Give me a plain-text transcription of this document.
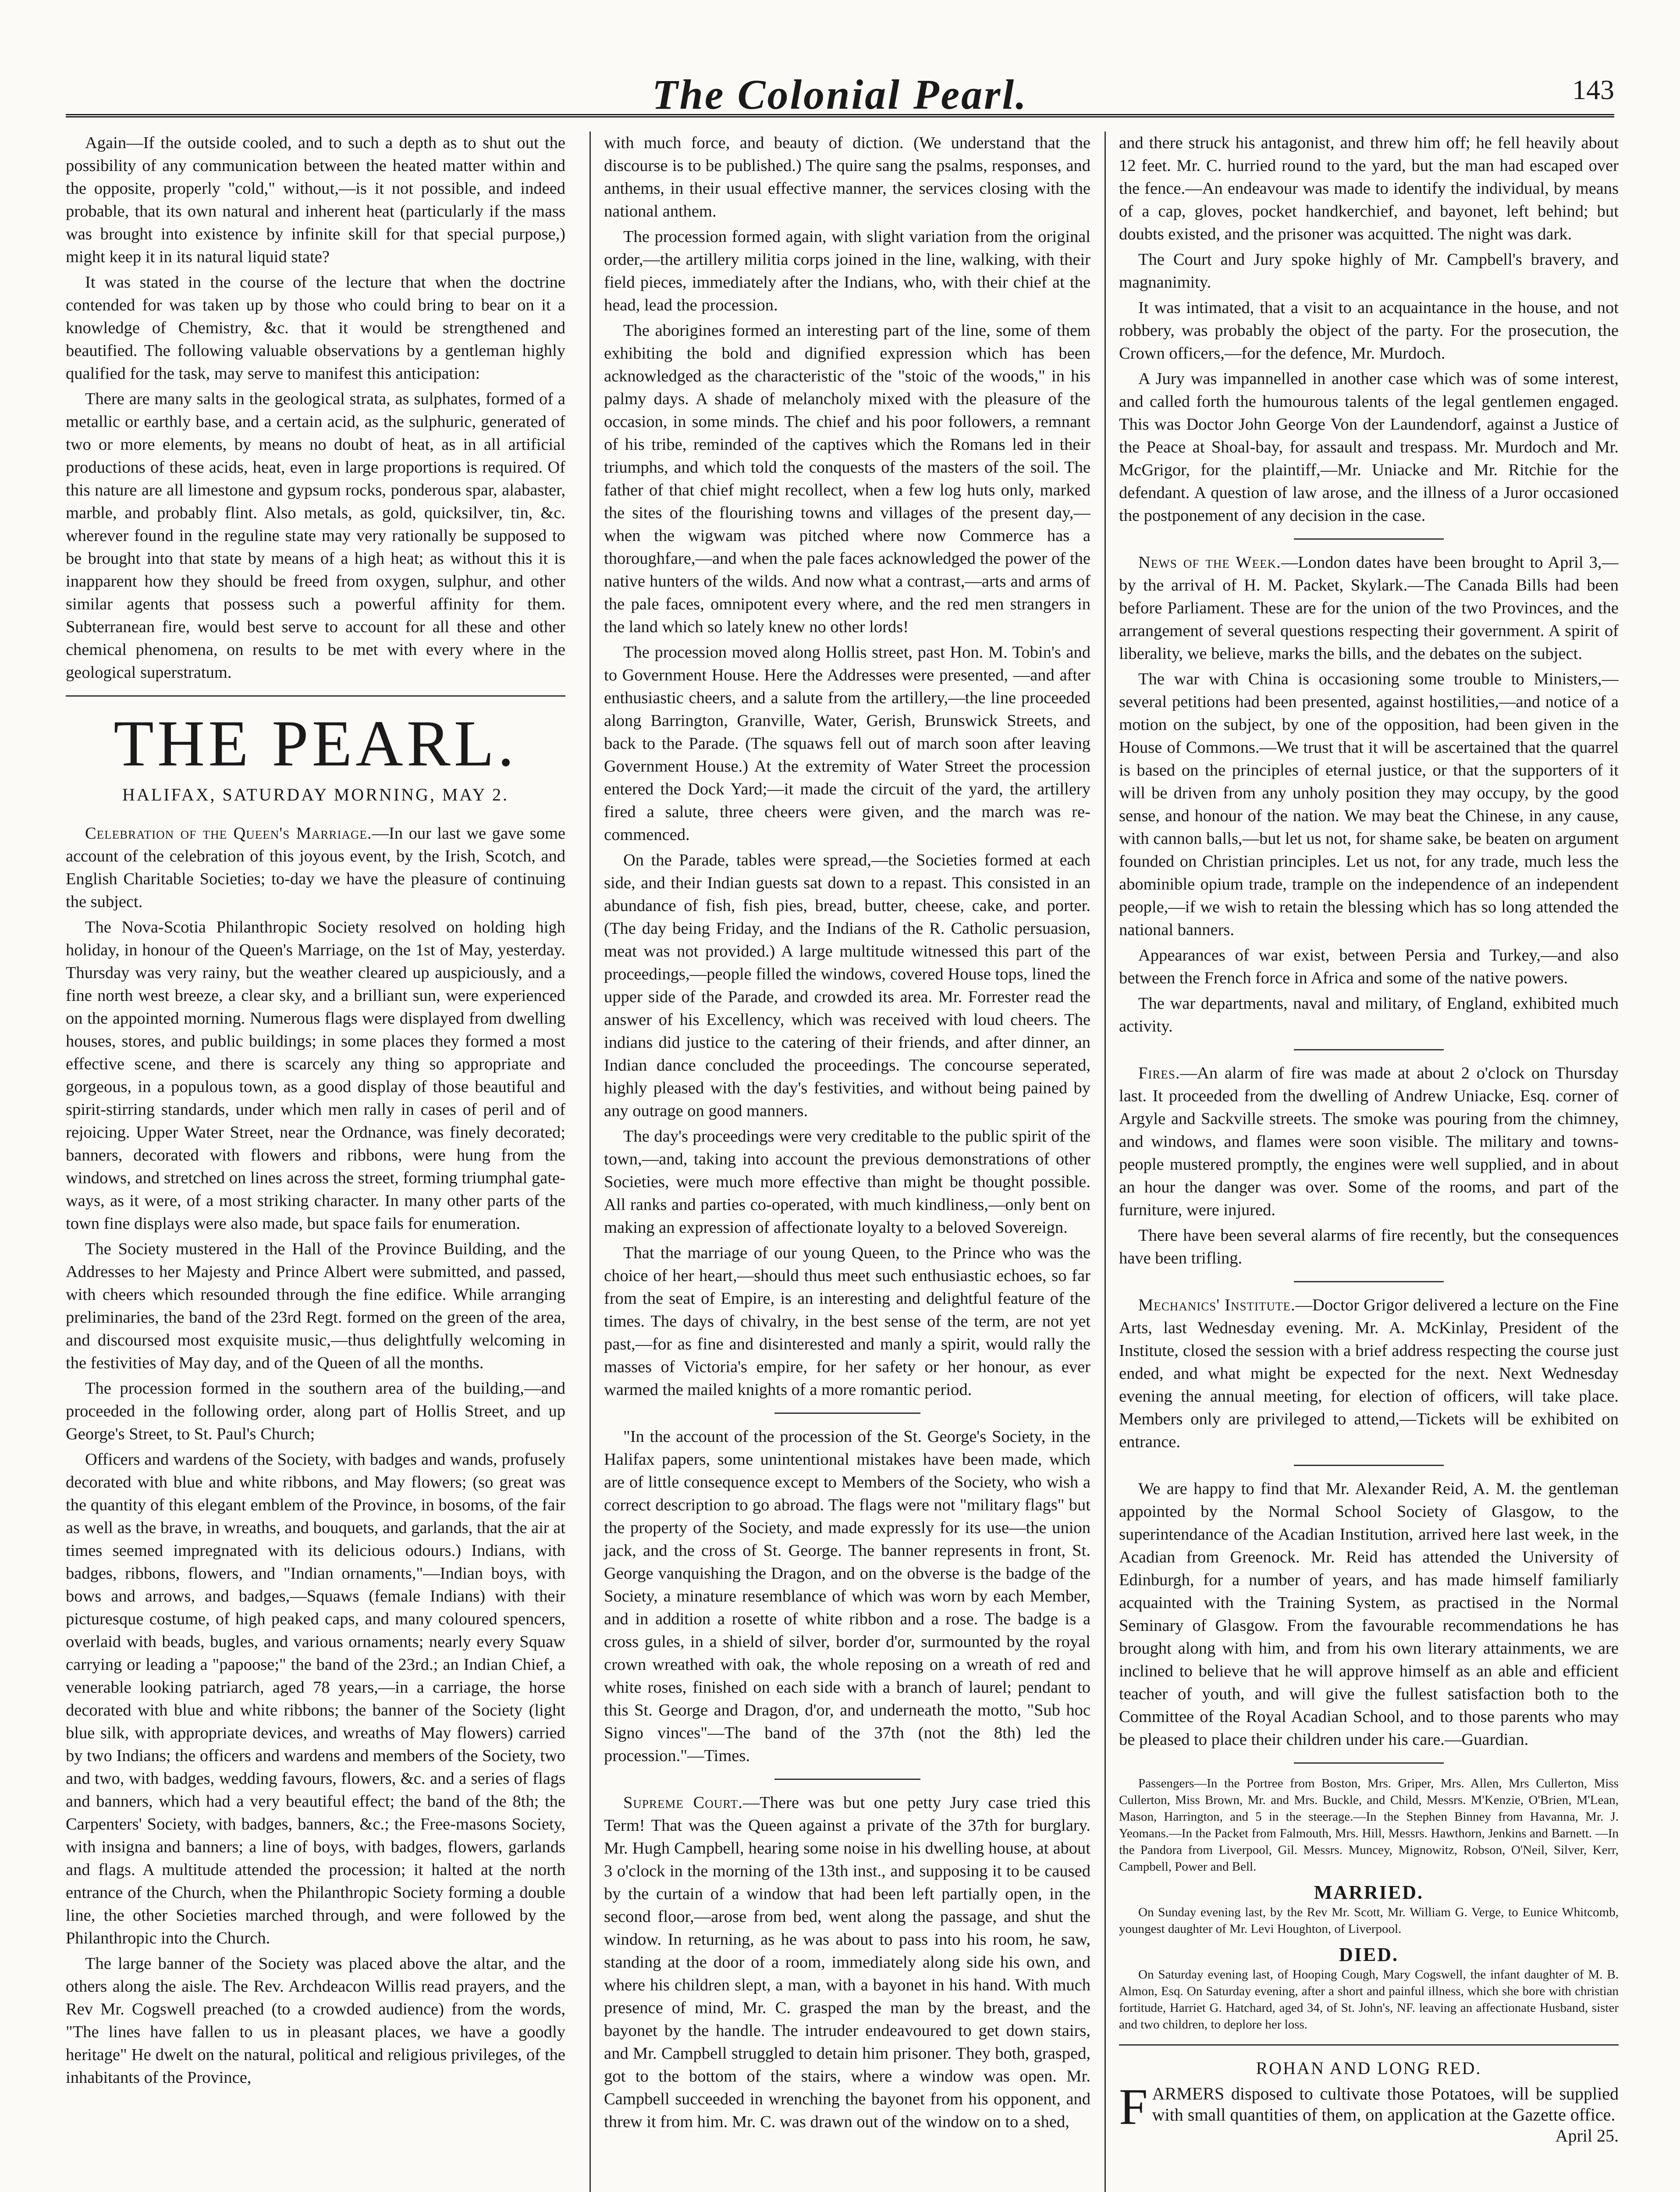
The Colonial Pearl.	143

Again—If the outside cooled, and to such a depth as to shut out the possibility of any communication between the heated matter within and the opposite, properly "cold," without,—is it not possible, and indeed probable, that its own natural and inherent heat (particularly if the mass was brought into existence by infinite skill for that special purpose,) might keep it in its natural liquid state?

It was stated in the course of the lecture that when the doctrine contended for was taken up by those who could bring to bear on it a knowledge of Chemistry, &c. that it would be strengthened and beautified. The following valuable observations by a gentleman highly qualified for the task, may serve to manifest this anticipation:

There are many salts in the geological strata, as sulphates, formed of a metallic or earthly base, and a certain acid, as the sulphuric, generated of two or more elements, by means no doubt of heat, as in all artificial productions of these acids, heat, even in large proportions is required. Of this nature are all limestone and gypsum rocks, ponderous spar, alabaster, marble, and probably flint. Also metals, as gold, quicksilver, tin, &c. wherever found in the reguline state may very rationally be supposed to be brought into that state by means of a high heat; as without this it is inapparent how they should be freed from oxygen, sulphur, and other similar agents that possess such a powerful affinity for them. Subterranean fire, would best serve to account for all these and other chemical phenomena, on results to be met with every where in the geological superstratum.

THE PEARL.
HALIFAX, SATURDAY MORNING, MAY 2.

Celebration of the Queen's Marriage.—In our last we gave some account of the celebration of this joyous event, by the Irish, Scotch, and English Charitable Societies; to-day we have the pleasure of continuing the subject.

The Nova-Scotia Philanthropic Society resolved on holding high holiday, in honour of the Queen's Marriage, on the 1st of May, yesterday. Thursday was very rainy, but the weather cleared up auspiciously, and a fine north west breeze, a clear sky, and a brilliant sun, were experienced on the appointed morning. Numerous flags were displayed from dwelling houses, stores, and public buildings; in some places they formed a most effective scene, and there is scarcely any thing so appropriate and gorgeous, in a populous town, as a good display of those beautiful and spirit-stirring standards, under which men rally in cases of peril and of rejoicing. Upper Water Street, near the Ordnance, was finely decorated; banners, decorated with flowers and ribbons, were hung from the windows, and stretched on lines across the street, forming triumphal gate-ways, as it were, of a most striking character. In many other parts of the town fine displays were also made, but space fails for enumeration.

The Society mustered in the Hall of the Province Building, and the Addresses to her Majesty and Prince Albert were submitted, and passed, with cheers which resounded through the fine edifice. While arranging preliminaries, the band of the 23rd Regt. formed on the green of the area, and discoursed most exquisite music,—thus delightfully welcoming in the festivities of May day, and of the Queen of all the months.

The procession formed in the southern area of the building,—and proceeded in the following order, along part of Hollis Street, and up George's Street, to St. Paul's Church;

Officers and wardens of the Society, with badges and wands, profusely decorated with blue and white ribbons, and May flowers; (so great was the quantity of this elegant emblem of the Province, in bosoms, of the fair as well as the brave, in wreaths, and bouquets, and garlands, that the air at times seemed impregnated with its delicious odours.) Indians, with badges, ribbons, flowers, and "Indian ornaments,"—Indian boys, with bows and arrows, and badges,—Squaws (female Indians) with their picturesque costume, of high peaked caps, and many coloured spencers, overlaid with beads, bugles, and various ornaments; nearly every Squaw carrying or leading a "papoose;" the band of the 23rd.; an Indian Chief, a venerable looking patriarch, aged 78 years,—in a carriage, the horse decorated with blue and white ribbons; the banner of the Society (light blue silk, with appropriate devices, and wreaths of May flowers) carried by two Indians; the officers and wardens and members of the Society, two and two, with badges, wedding favours, flowers, &c. and a series of flags and banners, which had a very beautiful effect; the band of the 8th; the Carpenters' Society, with badges, banners, &c.; the Free-masons Society, with insigna and banners; a line of boys, with badges, flowers, garlands and flags. A multitude attended the procession; it halted at the north entrance of the Church, when the Philanthropic Society forming a double line, the other Societies marched through, and were followed by the Philanthropic into the Church.

The large banner of the Society was placed above the altar, and the others along the aisle. The Rev. Archdeacon Willis read prayers, and the Rev Mr. Cogswell preached (to a crowded audience) from the words, "The lines have fallen to us in pleasant places, we have a goodly heritage" He dwelt on the natural, political and religious privileges, of the inhabitants of the Province,

with much force, and beauty of diction. (We understand that the discourse is to be published.) The quire sang the psalms, responses, and anthems, in their usual effective manner, the services closing with the national anthem.

The procession formed again, with slight variation from the original order,—the artillery militia corps joined in the line, walking, with their field pieces, immediately after the Indians, who, with their chief at the head, lead the procession.

The aborigines formed an interesting part of the line, some of them exhibiting the bold and dignified expression which has been acknowledged as the characteristic of the "stoic of the woods," in his palmy days. A shade of melancholy mixed with the pleasure of the occasion, in some minds. The chief and his poor followers, a remnant of his tribe, reminded of the captives which the Romans led in their triumphs, and which told the conquests of the masters of the soil. The father of that chief might recollect, when a few log huts only, marked the sites of the flourishing towns and villages of the present day,—when the wigwam was pitched where now Commerce has a thoroughfare,—and when the pale faces acknowledged the power of the native hunters of the wilds. And now what a contrast,—arts and arms of the pale faces, omnipotent every where, and the red men strangers in the land which so lately knew no other lords!

The procession moved along Hollis street, past Hon. M. Tobin's and to Government House. Here the Addresses were presented, —and after enthusiastic cheers, and a salute from the artillery,—the line proceeded along Barrington, Granville, Water, Gerish, Brunswick Streets, and back to the Parade. (The squaws fell out of march soon after leaving Government House.) At the extremity of Water Street the procession entered the Dock Yard;—it made the circuit of the yard, the artillery fired a salute, three cheers were given, and the march was re-commenced.

On the Parade, tables were spread,—the Societies formed at each side, and their Indian guests sat down to a repast. This consisted in an abundance of fish, fish pies, bread, butter, cheese, cake, and porter. (The day being Friday, and the Indians of the R. Catholic persuasion, meat was not provided.) A large multitude witnessed this part of the proceedings,—people filled the windows, covered House tops, lined the upper side of the Parade, and crowded its area. Mr. Forrester read the answer of his Excellency, which was received with loud cheers. The indians did justice to the catering of their friends, and after dinner, an Indian dance concluded the proceedings. The concourse seperated, highly pleased with the day's festivities, and without being pained by any outrage on good manners.

The day's proceedings were very creditable to the public spirit of the town,—and, taking into account the previous demonstrations of other Societies, were much more effective than might be thought possible. All ranks and parties co-operated, with much kindliness,—only bent on making an expression of affectionate loyalty to a beloved Sovereign.

That the marriage of our young Queen, to the Prince who was the choice of her heart,—should thus meet such enthusiastic echoes, so far from the seat of Empire, is an interesting and delightful feature of the times. The days of chivalry, in the best sense of the term, are not yet past,—for as fine and disinterested and manly a spirit, would rally the masses of Victoria's empire, for her safety or her honour, as ever warmed the mailed knights of a more romantic period.

"In the account of the procession of the St. George's Society, in the Halifax papers, some unintentional mistakes have been made, which are of little consequence except to Members of the Society, who wish a correct description to go abroad. The flags were not "military flags" but the property of the Society, and made expressly for its use—the union jack, and the cross of St. George. The banner represents in front, St. George vanquishing the Dragon, and on the obverse is the badge of the Society, a minature resemblance of which was worn by each Member, and in addition a rosette of white ribbon and a rose. The badge is a cross gules, in a shield of silver, border d'or, surmounted by the royal crown wreathed with oak, the whole reposing on a wreath of red and white roses, finished on each side with a branch of laurel; pendant to this St. George and Dragon, d'or, and underneath the motto, "Sub hoc Signo vinces"—The band of the 37th (not the 8th) led the procession."—Times.

Supreme Court.—There was but one petty Jury case tried this Term! That was the Queen against a private of the 37th for burglary. Mr. Hugh Campbell, hearing some noise in his dwelling house, at about 3 o'clock in the morning of the 13th inst., and supposing it to be caused by the curtain of a window that had been left partially open, in the second floor,—arose from bed, went along the passage, and shut the window. In returning, as he was about to pass into his room, he saw, standing at the door of a room, immediately along side his own, and where his children slept, a man, with a bayonet in his hand. With much presence of mind, Mr. C. grasped the man by the breast, and the bayonet by the handle. The intruder endeavoured to get down stairs, and Mr. Campbell struggled to detain him prisoner. They both, grasped, got to the bottom of the stairs, where a window was open. Mr. Campbell succeeded in wrenching the bayonet from his opponent, and threw it from him. Mr. C. was drawn out of the window on to a shed,

and there struck his antagonist, and threw him off; he fell heavily about 12 feet. Mr. C. hurried round to the yard, but the man had escaped over the fence.—An endeavour was made to identify the individual, by means of a cap, gloves, pocket handkerchief, and bayonet, left behind; but doubts existed, and the prisoner was acquitted. The night was dark.

The Court and Jury spoke highly of Mr. Campbell's bravery, and magnanimity.

It was intimated, that a visit to an acquaintance in the house, and not robbery, was probably the object of the party. For the prosecution, the Crown officers,—for the defence, Mr. Murdoch.

A Jury was impannelled in another case which was of some interest, and called forth the humourous talents of the legal gentlemen engaged. This was Doctor John George Von der Laundendorf, against a Justice of the Peace at Shoal-bay, for assault and trespass. Mr. Murdoch and Mr. McGrigor, for the plaintiff,—Mr. Uniacke and Mr. Ritchie for the defendant. A question of law arose, and the illness of a Juror occasioned the postponement of any decision in the case.

News of the Week.—London dates have been brought to April 3,—by the arrival of H. M. Packet, Skylark.—The Canada Bills had been before Parliament. These are for the union of the two Provinces, and the arrangement of several questions respecting their government. A spirit of liberality, we believe, marks the bills, and the debates on the subject.

The war with China is occasioning some trouble to Ministers,—several petitions had been presented, against hostilities,—and notice of a motion on the subject, by one of the opposition, had been given in the House of Commons.—We trust that it will be ascertained that the quarrel is based on the principles of eternal justice, or that the supporters of it will be driven from any unholy position they may occupy, by the good sense, and honour of the nation. We may beat the Chinese, in any cause, with cannon balls,—but let us not, for shame sake, be beaten on argument founded on Christian principles. Let us not, for any trade, much less the abominible opium trade, trample on the independence of an independent people,—if we wish to retain the blessing which has so long attended the national banners.

Appearances of war exist, between Persia and Turkey,—and also between the French force in Africa and some of the native powers.

The war departments, naval and military, of England, exhibited much activity.

Fires.—An alarm of fire was made at about 2 o'clock on Thursday last. It proceeded from the dwelling of Andrew Uniacke, Esq. corner of Argyle and Sackville streets. The smoke was pouring from the chimney, and windows, and flames were soon visible. The military and towns-people mustered promptly, the engines were well supplied, and in about an hour the danger was over. Some of the rooms, and part of the furniture, were injured.

There have been several alarms of fire recently, but the consequences have been trifling.

Mechanics' Institute.—Doctor Grigor delivered a lecture on the Fine Arts, last Wednesday evening. Mr. A. McKinlay, President of the Institute, closed the session with a brief address respecting the course just ended, and what might be expected for the next. Next Wednesday evening the annual meeting, for election of officers, will take place. Members only are privileged to attend,—Tickets will be exhibited on entrance.

We are happy to find that Mr. Alexander Reid, A. M. the gentleman appointed by the Normal School Society of Glasgow, to the superintendance of the Acadian Institution, arrived here last week, in the Acadian from Greenock. Mr. Reid has attended the University of Edinburgh, for a number of years, and has made himself familiarly acquainted with the Training System, as practised in the Normal Seminary of Glasgow. From the favourable recommendations he has brought along with him, and from his own literary attainments, we are inclined to believe that he will approve himself as an able and efficient teacher of youth, and will give the fullest satisfaction both to the Committee of the Royal Acadian School, and to those parents who may be pleased to place their children under his care.—Guardian.

Passengers—In the Portree from Boston, Mrs. Griper, Mrs. Allen, Mrs Cullerton, Miss Cullerton, Miss Brown, Mr. and Mrs. Buckle, and Child, Messrs. M'Kenzie, O'Brien, M'Lean, Mason, Harrington, and 5 in the steerage.—In the Stephen Binney from Havanna, Mr. J. Yeomans.—In the Packet from Falmouth, Mrs. Hill, Messrs. Hawthorn, Jenkins and Barnett. —In the Pandora from Liverpool, Gil. Messrs. Muncey, Mignowitz, Robson, O'Neil, Silver, Kerr, Campbell, Power and Bell.

MARRIED.

On Sunday evening last, by the Rev Mr. Scott, Mr. William G. Verge, to Eunice Whitcomb, youngest daughter of Mr. Levi Houghton, of Liverpool.

DIED.

On Saturday evening last, of Hooping Cough, Mary Cogswell, the infant daughter of M. B. Almon, Esq. On Saturday evening, after a short and painful illness, which she bore with christian fortitude, Harriet G. Hatchard, aged 34, of St. John's, NF. leaving an affectionate Husband, sister and two children, to deplore her loss.

ROHAN AND LONG RED.
FARMERS disposed to cultivate those Potatoes, will be supplied with small quantities of them, on application at the Gazette office.
April 25.
